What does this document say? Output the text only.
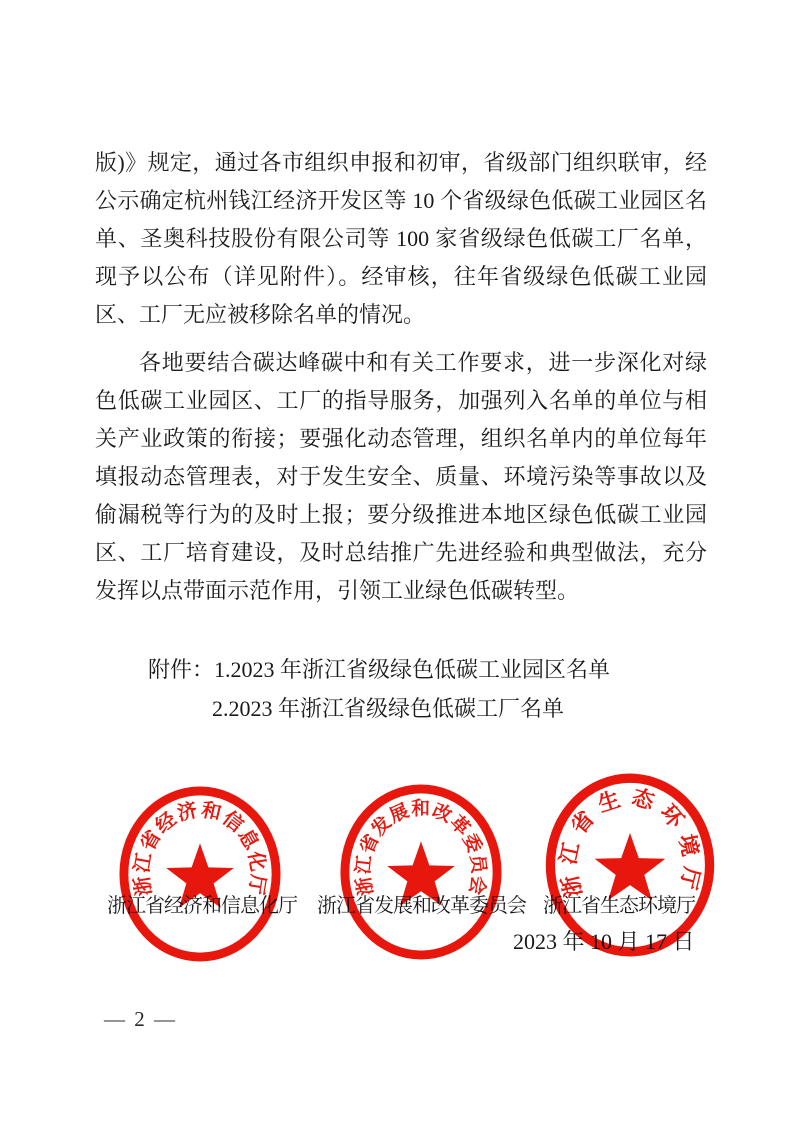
版)》规定，通过各市组织申报和初审，省级部门组织联审，经公示确定杭州钱江经济开发区等 10 个省级绿色低碳工业园区名单、圣奥科技股份有限公司等 100 家省级绿色低碳工厂名单，现予以公布（详见附件）。经审核，往年省级绿色低碳工业园区、工厂无应被移除名单的情况。

各地要结合碳达峰碳中和有关工作要求，进一步深化对绿色低碳工业园区、工厂的指导服务，加强列入名单的单位与相关产业政策的衔接；要强化动态管理，组织名单内的单位每年填报动态管理表，对于发生安全、质量、环境污染等事故以及偷漏税等行为的及时上报；要分级推进本地区绿色低碳工业园区、工厂培育建设，及时总结推广先进经验和典型做法，充分发挥以点带面示范作用，引领工业绿色低碳转型。

附件：1.2023 年浙江省级绿色低碳工业园区名单
2.2023 年浙江省级绿色低碳工厂名单
浙江省经济和信息化厅 浙江省发展和改革委员会 浙江省生态环境厅
2023 年 10 月 17 日
浙江省经济和信息化厅	浙江省发展和改革委员会	浙江省生态环境厅
— 2 —
